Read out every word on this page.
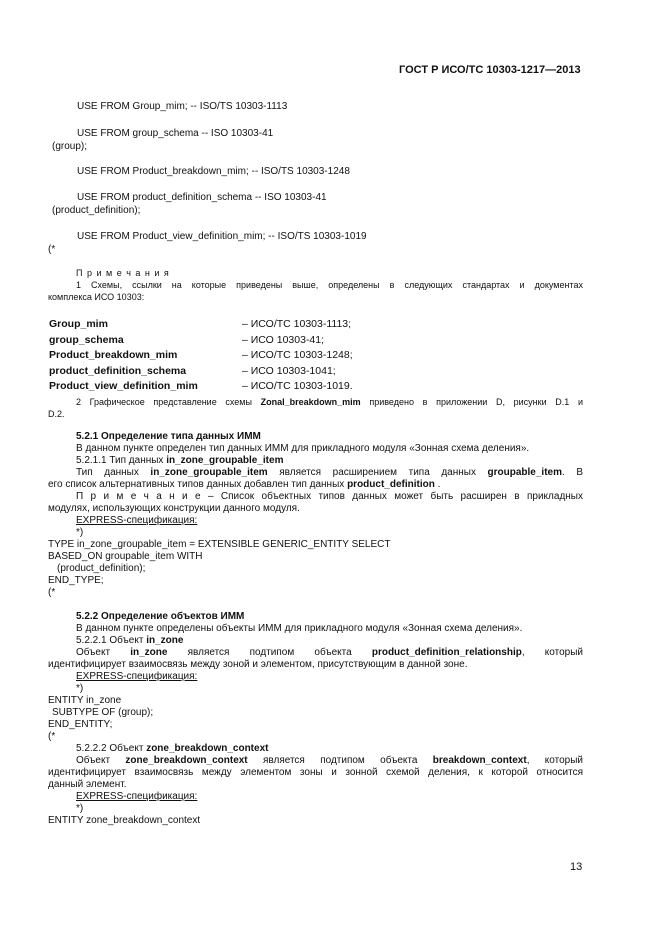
ГОСТ Р ИСО/ТС 10303-1217—2013
USE FROM Group_mim; -- ISO/TS 10303-1113
USE FROM group_schema -- ISO 10303-41
(group);
USE FROM Product_breakdown_mim; -- ISO/TS 10303-1248
USE FROM product_definition_schema -- ISO 10303-41
(product_definition);
USE FROM Product_view_definition_mim; -- ISO/TS 10303-1019
(*
П р и м е ч а н и я
1 Схемы, ссылки на которые приведены выше, определены в следующих стандартах и документах
комплекса ИСО 10303:
Group_mim	– ИСО/ТС 10303-1113;
group_schema	– ИСО 10303-41;
Product_breakdown_mim	– ИСО/ТС 10303-1248;
product_definition_schema	– ИСО 10303-1041;
Product_view_definition_mim	– ИСО/ТС 10303-1019.
2 Графическое представление схемы Zonal_breakdown_mim приведено в приложении D, рисунки D.1 и
D.2.
5.2.1 Определение типа данных ИММ
В данном пункте определен тип данных ИММ для прикладного модуля «Зонная схема деления».
5.2.1.1 Тип данных in_zone_groupable_item
Тип данных in_zone_groupable_item является расширением типа данных groupable_item. В
его список альтернативных типов данных добавлен тип данных product_definition .
П р и м е ч а н и е – Список объектных типов данных может быть расширен в прикладных
модулях, использующих конструкции данного модуля.
EXPRESS-спецификация:
*)
TYPE in_zone_groupable_item = EXTENSIBLE GENERIC_ENTITY SELECT
BASED_ON groupable_item WITH
(product_definition);
END_TYPE;
(*
5.2.2 Определение объектов ИММ
В данном пункте определены объекты ИММ для прикладного модуля «Зонная схема деления».
5.2.2.1 Объект in_zone
Объект in_zone является подтипом объекта product_definition_relationship, который
идентифицирует взаимосвязь между зоной и элементом, присутствующим в данной зоне.
EXPRESS-спецификация:
*)
ENTITY in_zone
SUBTYPE OF (group);
END_ENTITY;
(*
5.2.2.2 Объект zone_breakdown_context
Объект zone_breakdown_context является подтипом объекта breakdown_context, который
идентифицирует взаимосвязь между элементом зоны и зонной схемой деления, к которой относится
данный элемент.
EXPRESS-спецификация:
*)
ENTITY zone_breakdown_context
13
